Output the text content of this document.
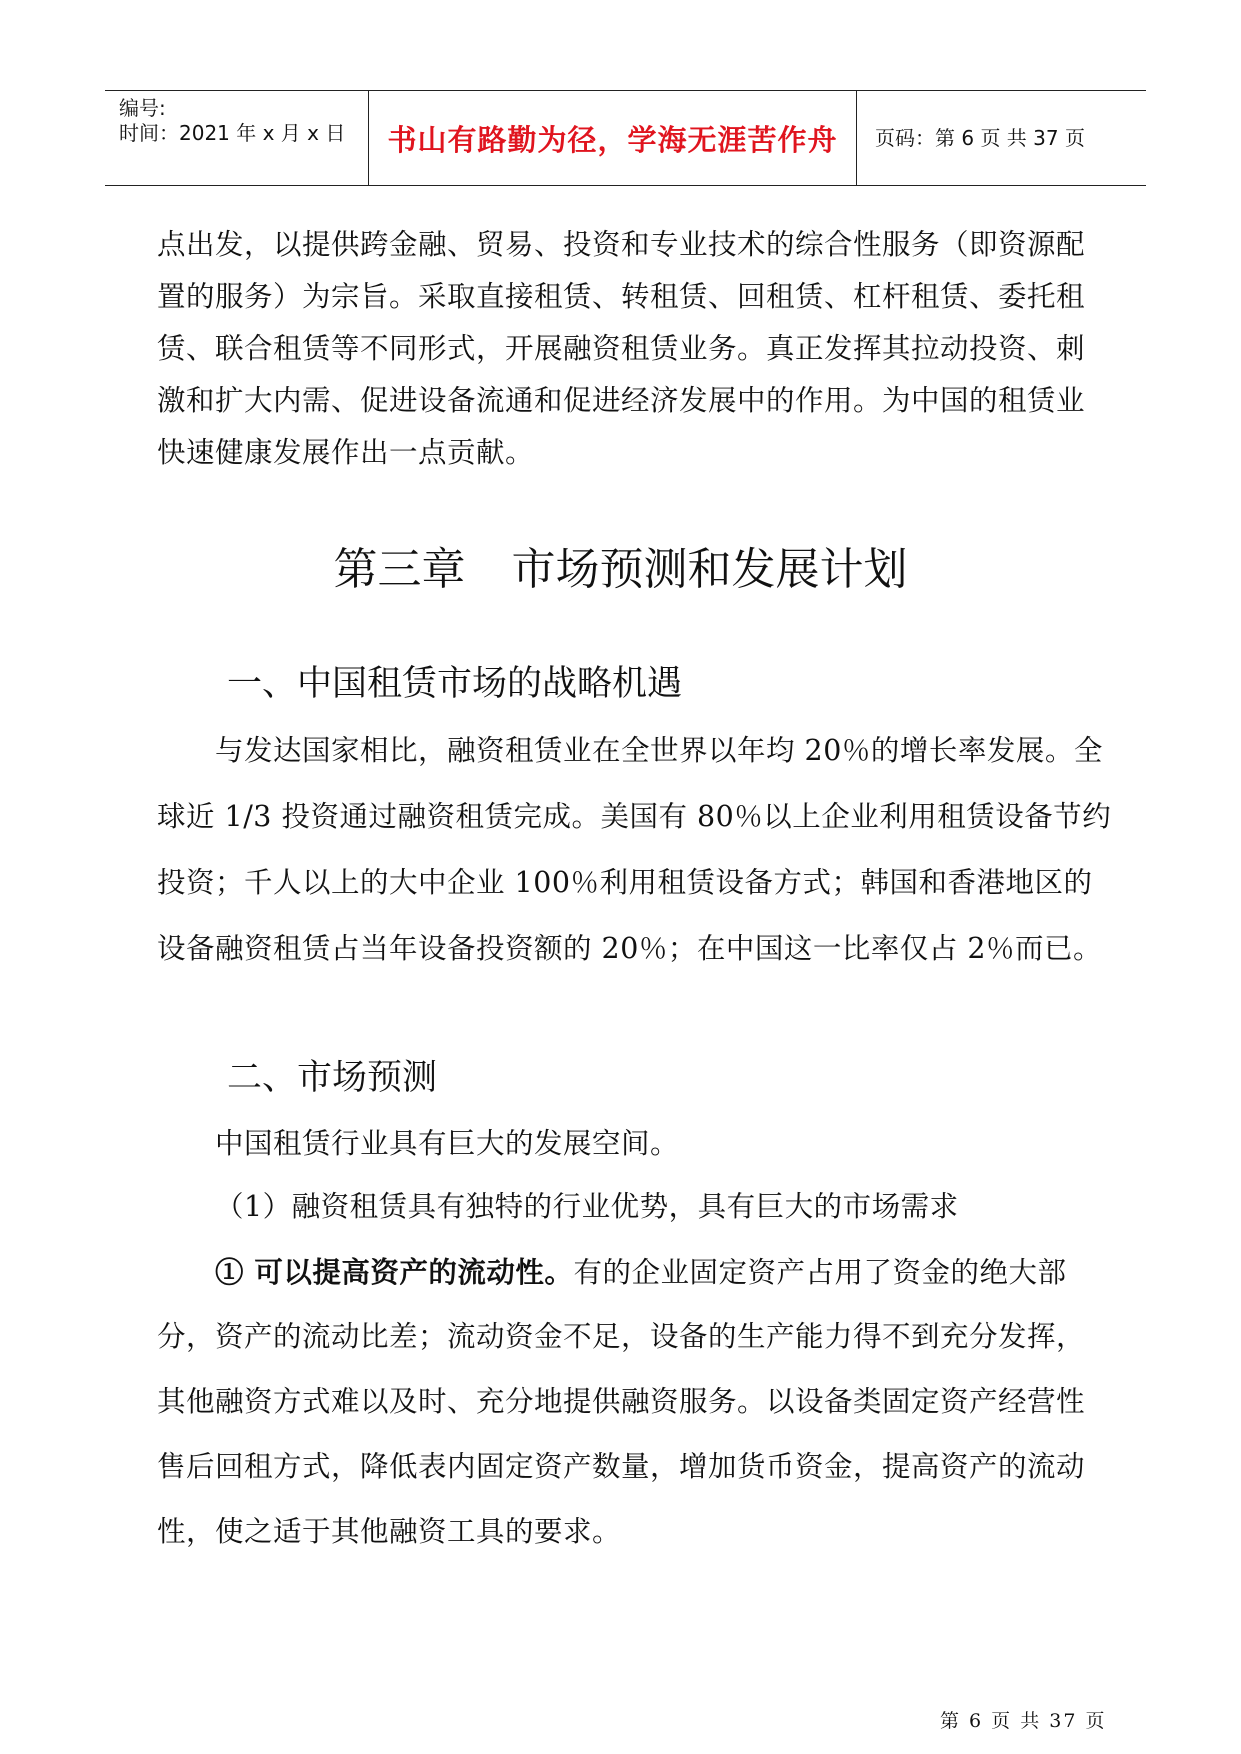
编号:
时间：2021 年 x 月 x 日 书山有路勤为径，学海无涯苦作舟 页码：第 6 页 共 37 页
点出发，以提供跨金融、贸易、投资和专业技术的综合性服务（即资源配
置的服务）为宗旨。采取直接租赁、转租赁、回租赁、杠杆租赁、委托租
赁、联合租赁等不同形式，开展融资租赁业务。真正发挥其拉动投资、刺
激和扩大内需、促进设备流通和促进经济发展中的作用。为中国的租赁业
快速健康发展作出一点贡献。
第三章 市场预测和发展计划
一、中国租赁市场的战略机遇
与发达国家相比，融资租赁业在全世界以年均 20％的增长率发展。全
球近 1/3 投资通过融资租赁完成。美国有 80％以上企业利用租赁设备节约
投资；千人以上的大中企业 100％利用租赁设备方式；韩国和香港地区的
设备融资租赁占当年设备投资额的 20％；在中国这一比率仅占 2％而已。
二、市场预测
中国租赁行业具有巨大的发展空间。
（1）融资租赁具有独特的行业优势，具有巨大的市场需求
① 可以提高资产的流动性。有的企业固定资产占用了资金的绝大部
分，资产的流动比差；流动资金不足，设备的生产能力得不到充分发挥，
其他融资方式难以及时、充分地提供融资服务。以设备类固定资产经营性
售后回租方式，降低表内固定资产数量，增加货币资金，提高资产的流动
性，使之适于其他融资工具的要求。
第 6 页 共 37 页
